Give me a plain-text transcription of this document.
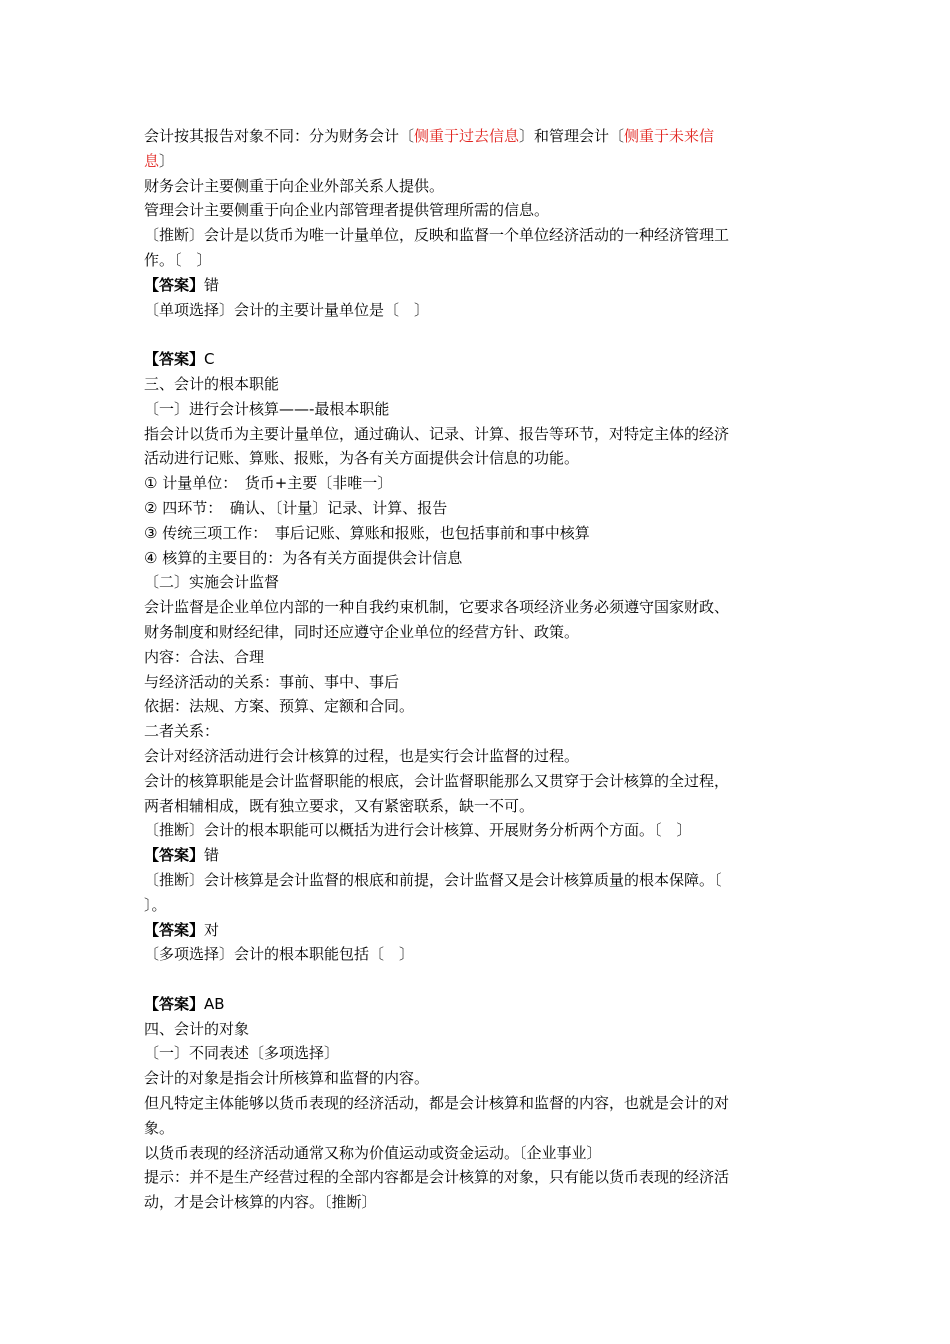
会计按其报告对象不同：分为财务会计〔侧重于过去信息〕和管理会计〔侧重于未来信
息〕
财务会计主要侧重于向企业外部关系人提供。
管理会计主要侧重于向企业内部管理者提供管理所需的信息。
〔推断〕会计是以货币为唯一计量单位，反映和监督一个单位经济活动的一种经济管理工
作。〔　〕
【答案】错
〔单项选择〕会计的主要计量单位是〔　〕
【答案】C
三、会计的根本职能
〔一〕进行会计核算——-最根本职能
指会计以货币为主要计量单位，通过确认、记录、计算、报告等环节，对特定主体的经济
活动进行记账、算账、报账，为各有关方面提供会计信息的功能。
① 计量单位：　货币+主要〔非唯一〕
② 四环节：　确认、〔计量〕记录、计算、报告
③ 传统三项工作：　事后记账、算账和报账，也包括事前和事中核算
④ 核算的主要目的：为各有关方面提供会计信息
〔二〕实施会计监督
会计监督是企业单位内部的一种自我约束机制，它要求各项经济业务必须遵守国家财政、
财务制度和财经纪律，同时还应遵守企业单位的经营方针、政策。
内容：合法、合理
与经济活动的关系：事前、事中、事后
依据：法规、方案、预算、定额和合同。
二者关系：
会计对经济活动进行会计核算的过程，也是实行会计监督的过程。
会计的核算职能是会计监督职能的根底，会计监督职能那么又贯穿于会计核算的全过程，
两者相辅相成，既有独立要求，又有紧密联系，缺一不可。
〔推断〕会计的根本职能可以概括为进行会计核算、开展财务分析两个方面。〔　〕
【答案】错
〔推断〕会计核算是会计监督的根底和前提，会计监督又是会计核算质量的根本保障。〔
〕。
【答案】对
〔多项选择〕会计的根本职能包括〔　〕
【答案】AB
四、会计的对象
〔一〕不同表述〔多项选择〕
会计的对象是指会计所核算和监督的内容。
但凡特定主体能够以货币表现的经济活动，都是会计核算和监督的内容，也就是会计的对
象。
以货币表现的经济活动通常又称为价值运动或资金运动。〔企业事业〕
提示：并不是生产经营过程的全部内容都是会计核算的对象，只有能以货币表现的经济活
动，才是会计核算的内容。〔推断〕
